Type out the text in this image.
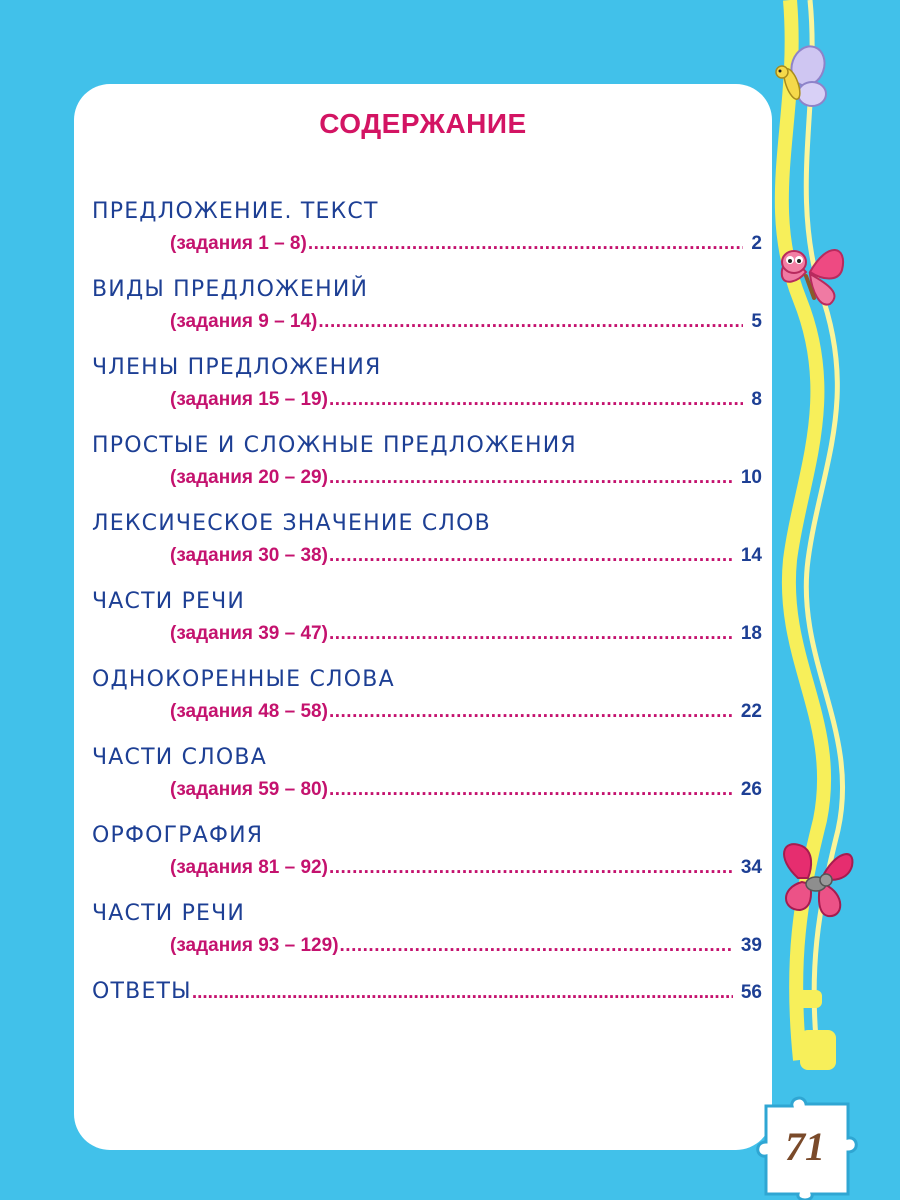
СОДЕРЖАНИЕ
ПРЕДЛОЖЕНИЕ. ТЕКСТ
(задания 1 – 8) .....	2
ВИДЫ ПРЕДЛОЖЕНИЙ
(задания 9 – 14) .....	5
ЧЛЕНЫ ПРЕДЛОЖЕНИЯ
(задания 15 – 19) .....	8
ПРОСТЫЕ И СЛОЖНЫЕ ПРЕДЛОЖЕНИЯ
(задания 20 – 29) .....	10
ЛЕКСИЧЕСКОЕ ЗНАЧЕНИЕ СЛОВ
(задания 30 – 38) .....	14
ЧАСТИ РЕЧИ
(задания 39 – 47) .....	18
ОДНОКОРЕННЫЕ СЛОВА
(задания 48 – 58) .....	22
ЧАСТИ СЛОВА
(задания 59 – 80) .....	26
ОРФОГРАФИЯ
(задания 81 – 92) .....	34
ЧАСТИ РЕЧИ
(задания 93 – 129) .....	39
ОТВЕТЫ .....	56
71
